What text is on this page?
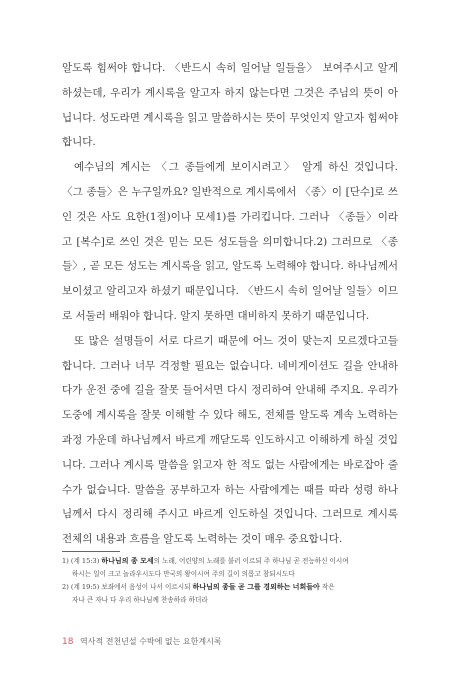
알도록 힘써야 합니다. 〈반드시 속히 일어날 일들을〉 보여주시고 알게 하셨는데, 우리가 계시록을 알고자 하지 않는다면 그것은 주님의 뜻이 아닙니다. 성도라면 계시록을 읽고 말씀하시는 뜻이 무엇인지 알고자 힘써야 합니다.

예수님의 계시는 〈그 종들에게 보이시려고〉 알게 하신 것입니다. 〈그 종들〉은 누구일까요? 일반적으로 계시록에서 〈종〉이 [단수]로 쓰인 것은 사도 요한(1절)이나 모세1)를 가리킵니다. 그러나 〈종들〉이라고 [복수]로 쓰인 것은 믿는 모든 성도들을 의미합니다.2) 그러므로 〈종들〉, 곧 모든 성도는 계시록을 읽고, 알도록 노력해야 합니다. 하나님께서 보이셨고 알리고자 하셨기 때문입니다. 〈반드시 속히 일어날 일들〉이므로 서둘러 배워야 합니다. 알지 못하면 대비하지 못하기 때문입니다.

또 많은 설명들이 서로 다르기 때문에 어느 것이 맞는지 모르겠다고들 합니다. 그러나 너무 걱정할 필요는 없습니다. 네비게이션도 길을 안내하다가 운전 중에 길을 잘못 들어서면 다시 정리하여 안내해 주지요. 우리가 도중에 계시록을 잘못 이해할 수 있다 해도, 전체를 알도록 계속 노력하는 과정 가운데 하나님께서 바르게 깨닫도록 인도하시고 이해하게 하실 것입니다. 그러나 계시록 말씀을 읽고자 한 적도 없는 사람에게는 바로잡아 줄 수가 없습니다. 말씀을 공부하고자 하는 사람에게는 때를 따라 성령 하나님께서 다시 정리해 주시고 바르게 인도하실 것입니다. 그러므로 계시록 전체의 내용과 흐름을 알도록 노력하는 것이 매우 중요합니다.

1) (계 15:3) 하나님의 종 모세의 노래, 어린양의 노래를 불러 이르되 주 하나님 곧 전능하신 이시여
하시는 일이 크고 놀라우시도다 만국의 왕이시여 주의 길이 의롭고 참되시도다

2) (계 19:5) 보좌에서 음성이 나서 이르시되 하나님의 종들 곧 그를 경외하는 너희들아 작은
자나 큰 자나 다 우리 하나님께 찬송하라 하더라

18 역사적 전천년설 수박에 없는 요한계시록
